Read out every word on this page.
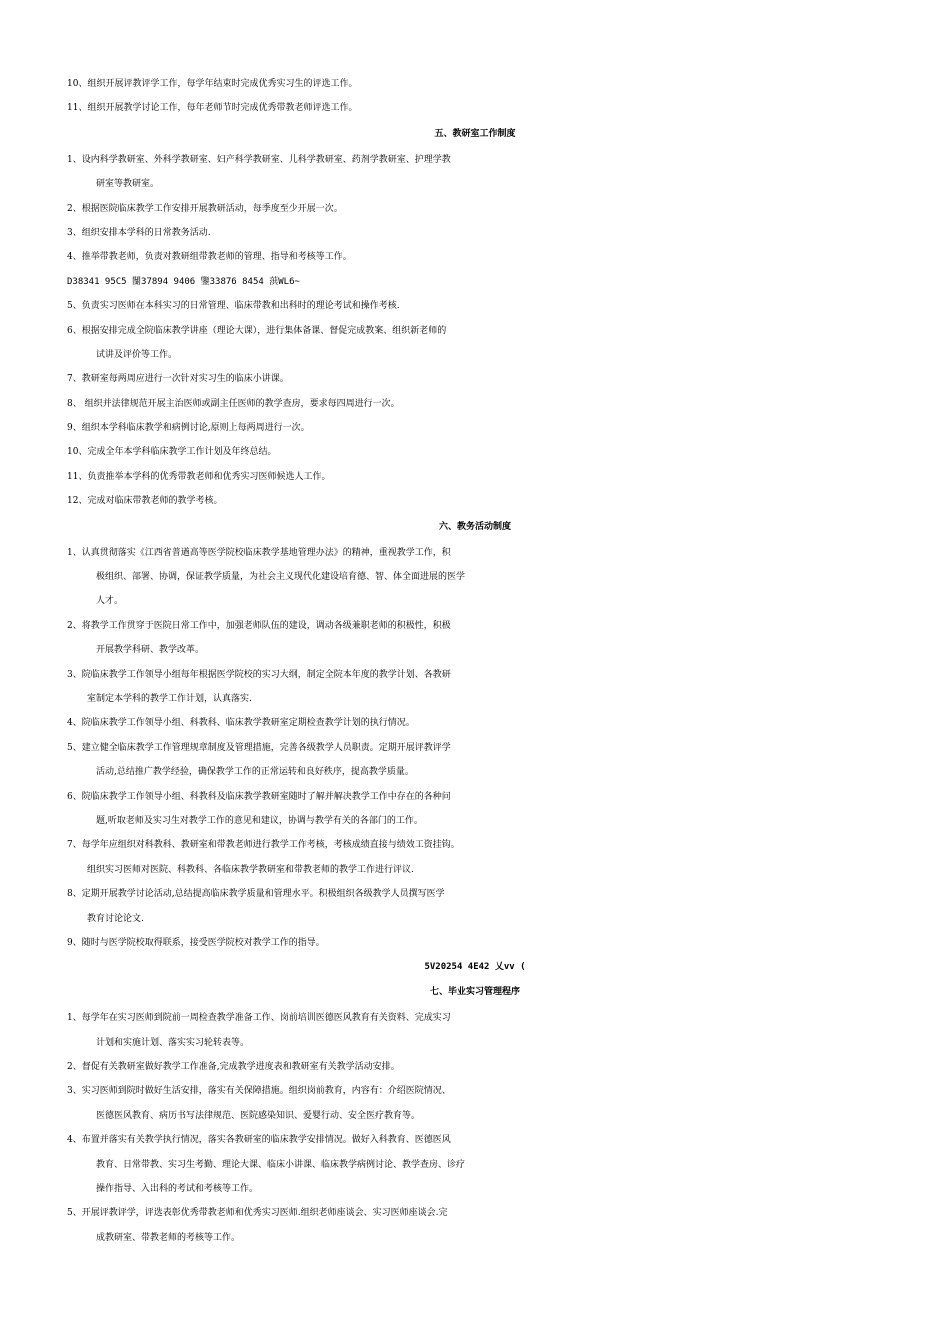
10、组织开展评教评学工作，每学年结束时完成优秀实习生的评选工作。
11、组织开展教学讨论工作，每年老师节时完成优秀带教老师评选工作。
五、教研室工作制度
1、设内科学教研室、外科学教研室、妇产科学教研室、儿科学教研室、药剂学教研室、护理学教
研室等教研室。
2、根据医院临床教学工作安排开展教研活动，每季度至少开展一次。
3、组织安排本学科的日常教务活动.
4、推举带教老师，负责对教研组带教老师的管理、指导和考核等工作。
D38341 95C5 闅37894 9406 鑒33876 8454 葓WL6~
5、负责实习医师在本科实习的日常管理、临床带教和出科时的理论考试和操作考核.
6、根据安排完成全院临床教学讲座（理论大课），进行集体备课、督促完成教案、组织新老师的
试讲及评价等工作。
7、教研室每两周应进行一次针对实习生的临床小讲课。
8、 组织并法律规范开展主治医师或副主任医师的教学查房，要求每四周进行一次。
9、组织本学科临床教学和病例讨论,原则上每两周进行一次。
10、完成全年本学科临床教学工作计划及年终总结。
11、负责推举本学科的优秀带教老师和优秀实习医师候选人工作。
12、完成对临床带教老师的教学考核。
六、教务活动制度
1、认真贯彻落实《江西省普遒高等医学院校临床教学基地管理办法》的精神，重视教学工作，积
极组织、部署、协调，保证教学质量，为社会主义现代化建设培育德、智、体全面进展的医学
人才。
2、将教学工作贯穿于医院日常工作中，加强老师队伍的建设，调动各级兼职老师的积极性，积极
开展教学科研、教学改革。
3、院临床教学工作领导小组每年根据医学院校的实习大纲，制定全院本年度的教学计划、各教研
室制定本学科的教学工作计划，认真落实.
4、院临床教学工作领导小组、科教科、临床教学教研室定期检查教学计划的执行情况。
5、建立健全临床教学工作管理规章制度及管理措施，完善各级教学人员职责。定期开展评教评学
活动,总结推广教学经验，确保教学工作的正常运转和良好秩序，提高教学质量。
6、院临床教学工作领导小组、科教科及临床教学教研室随时了解并解决教学工作中存在的各种问
题,听取老师及实习生对教学工作的意见和建议，协调与教学有关的各部门的工作。
7、每学年应组织对科教科、教研室和带教老师进行教学工作考核，考核成绩直接与绩效工资挂钩。
组织实习医师对医院、科教科、各临床教学教研室和带教老师的教学工作进行评议.
8、定期开展教学讨论活动,总结提高临床教学质量和管理水平。积极组织各级教学人员撰写医学
教育讨论论文.
9、随时与医学院校取得联系，接受医学院校对教学工作的指导。
5V20254 4E42 乂vv (
七、毕业实习管理程序
1、每学年在实习医师到院前一周检查教学准备工作、岗前培训医德医风教育有关资料、完成实习
计划和实施计划、落实实习轮转表等。
2、督促有关教研室做好教学工作准备,完成教学进度表和教研室有关教学活动安排。
3、实习医师到院时做好生活安排，落实有关保障措施。组织岗前教育，内容有：介绍医院情况、
医德医风教育、病历书写法律规范、医院感染知识、爱婴行动、安全医疗教育等。
4、布置并落实有关教学执行情况，落实各教研室的临床教学安排情况。做好入科教育、医德医风
教育、日常带教、实习生考勤、理论大课、临床小讲课、临床教学病例讨论、教学查房、诊疗
操作指导、入出科的考试和考核等工作。
5、开展评教评学，评选表彰优秀带教老师和优秀实习医师.组织老师座谈会、实习医师座谈会.完
成教研室、带教老师的考核等工作。
